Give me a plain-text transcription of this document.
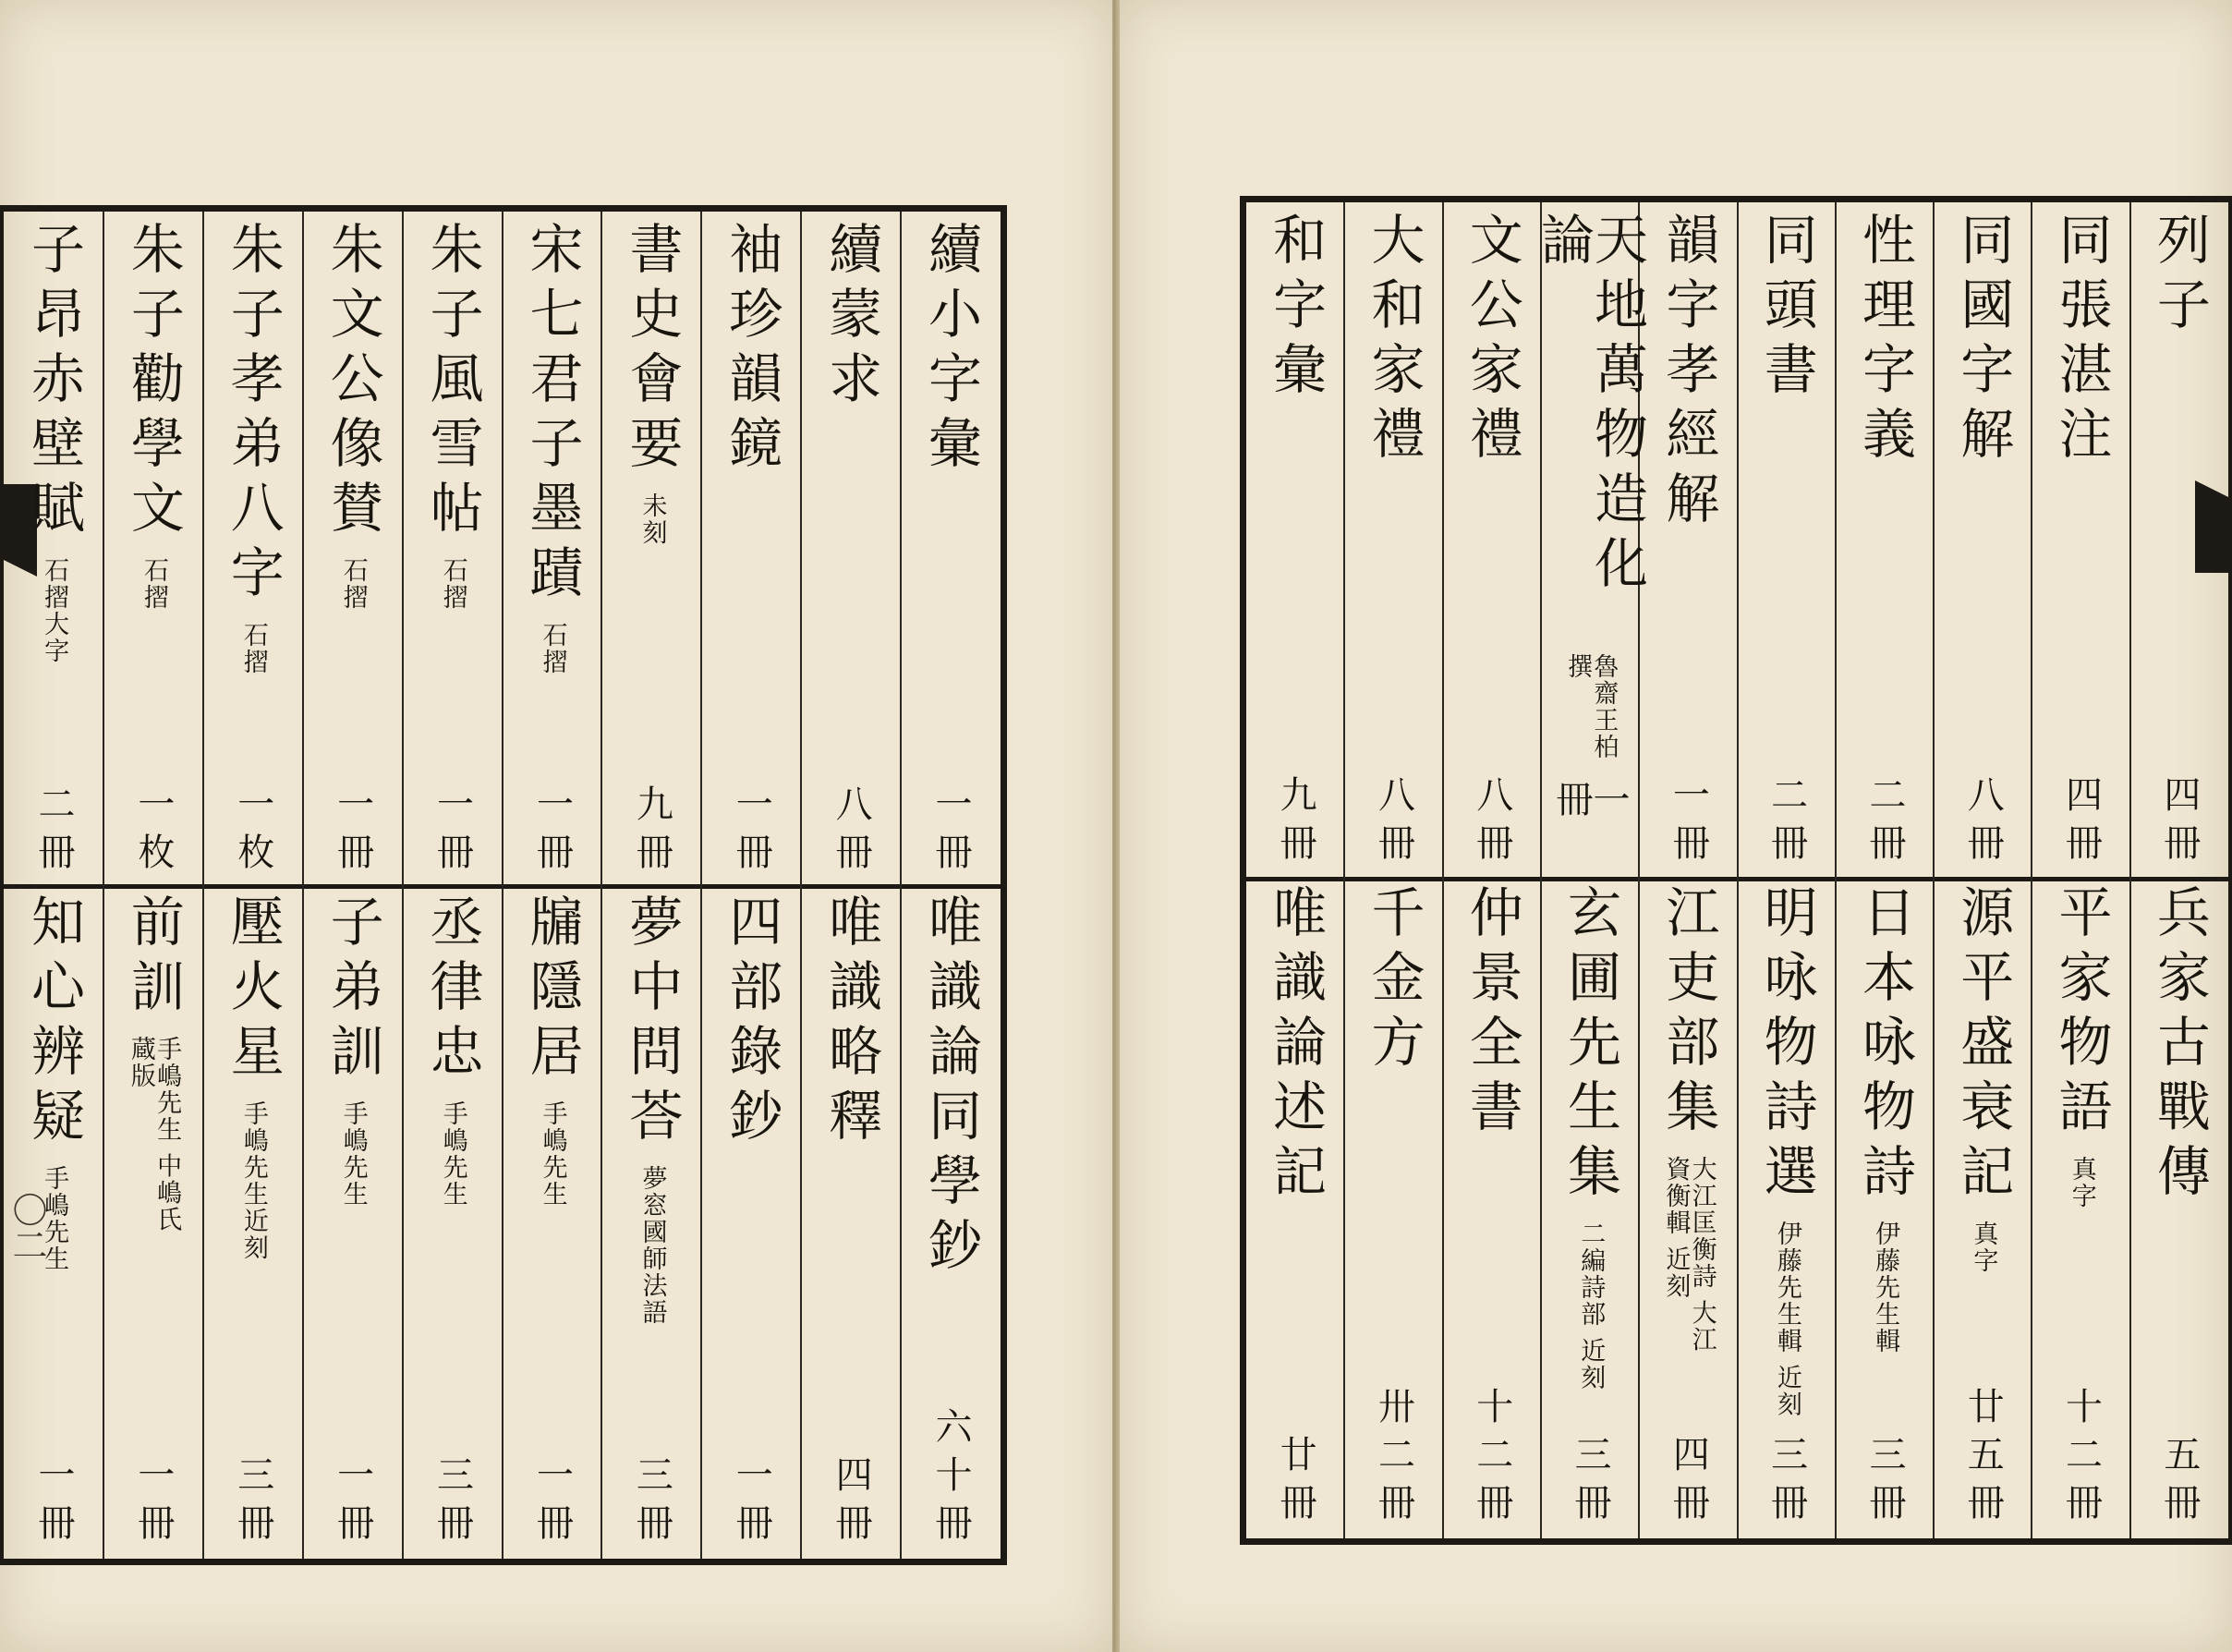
〇二
續小字彙
一冊
唯識論同學鈔
六十冊
續蒙求
八冊
唯識略釋
四冊
袖珍韻鏡
一冊
四部錄鈔
一冊
書史會要
未刻
九冊
夢中問荅
夢窓國師法語
三冊
宋七君子墨蹟
石摺
一冊
牖隱居
手嶋先生
一冊
朱子風雪帖
石摺
一冊
丞律忠
手嶋先生
三冊
朱文公像賛
石摺
一冊
子弟訓
手嶋先生
一冊
朱子孝弟八字
石摺
一枚
壓火星
手嶋先生近刻
三冊
朱子勸學文
石摺
一枚
前訓
手嶋先生 中嶋氏蔵版
一冊
子昂赤壁賦
石摺大字
二冊
知心辨疑
手嶋先生
一冊
列子
四冊
兵家古戰傳
五冊
同張湛注
四冊
平家物語
真字
十二冊
同國字解
八冊
源平盛衰記
真字
廿五冊
性理字義
二冊
日本咏物詩
伊藤先生輯
三冊
同頭書
二冊
明咏物詩選
伊藤先生輯 近刻
三冊
韻字孝經解
一冊
江吏部集
大江匡衡詩 大江資衡輯 近刻
四冊
天地萬物造化論
魯齋王柏撰
一冊
玄圃先生集
二編詩部 近刻
三冊
文公家禮
八冊
仲景全書
十二冊
大和家禮
八冊
千金方
卅二冊
和字彙
九冊
唯識論述記
廿冊
